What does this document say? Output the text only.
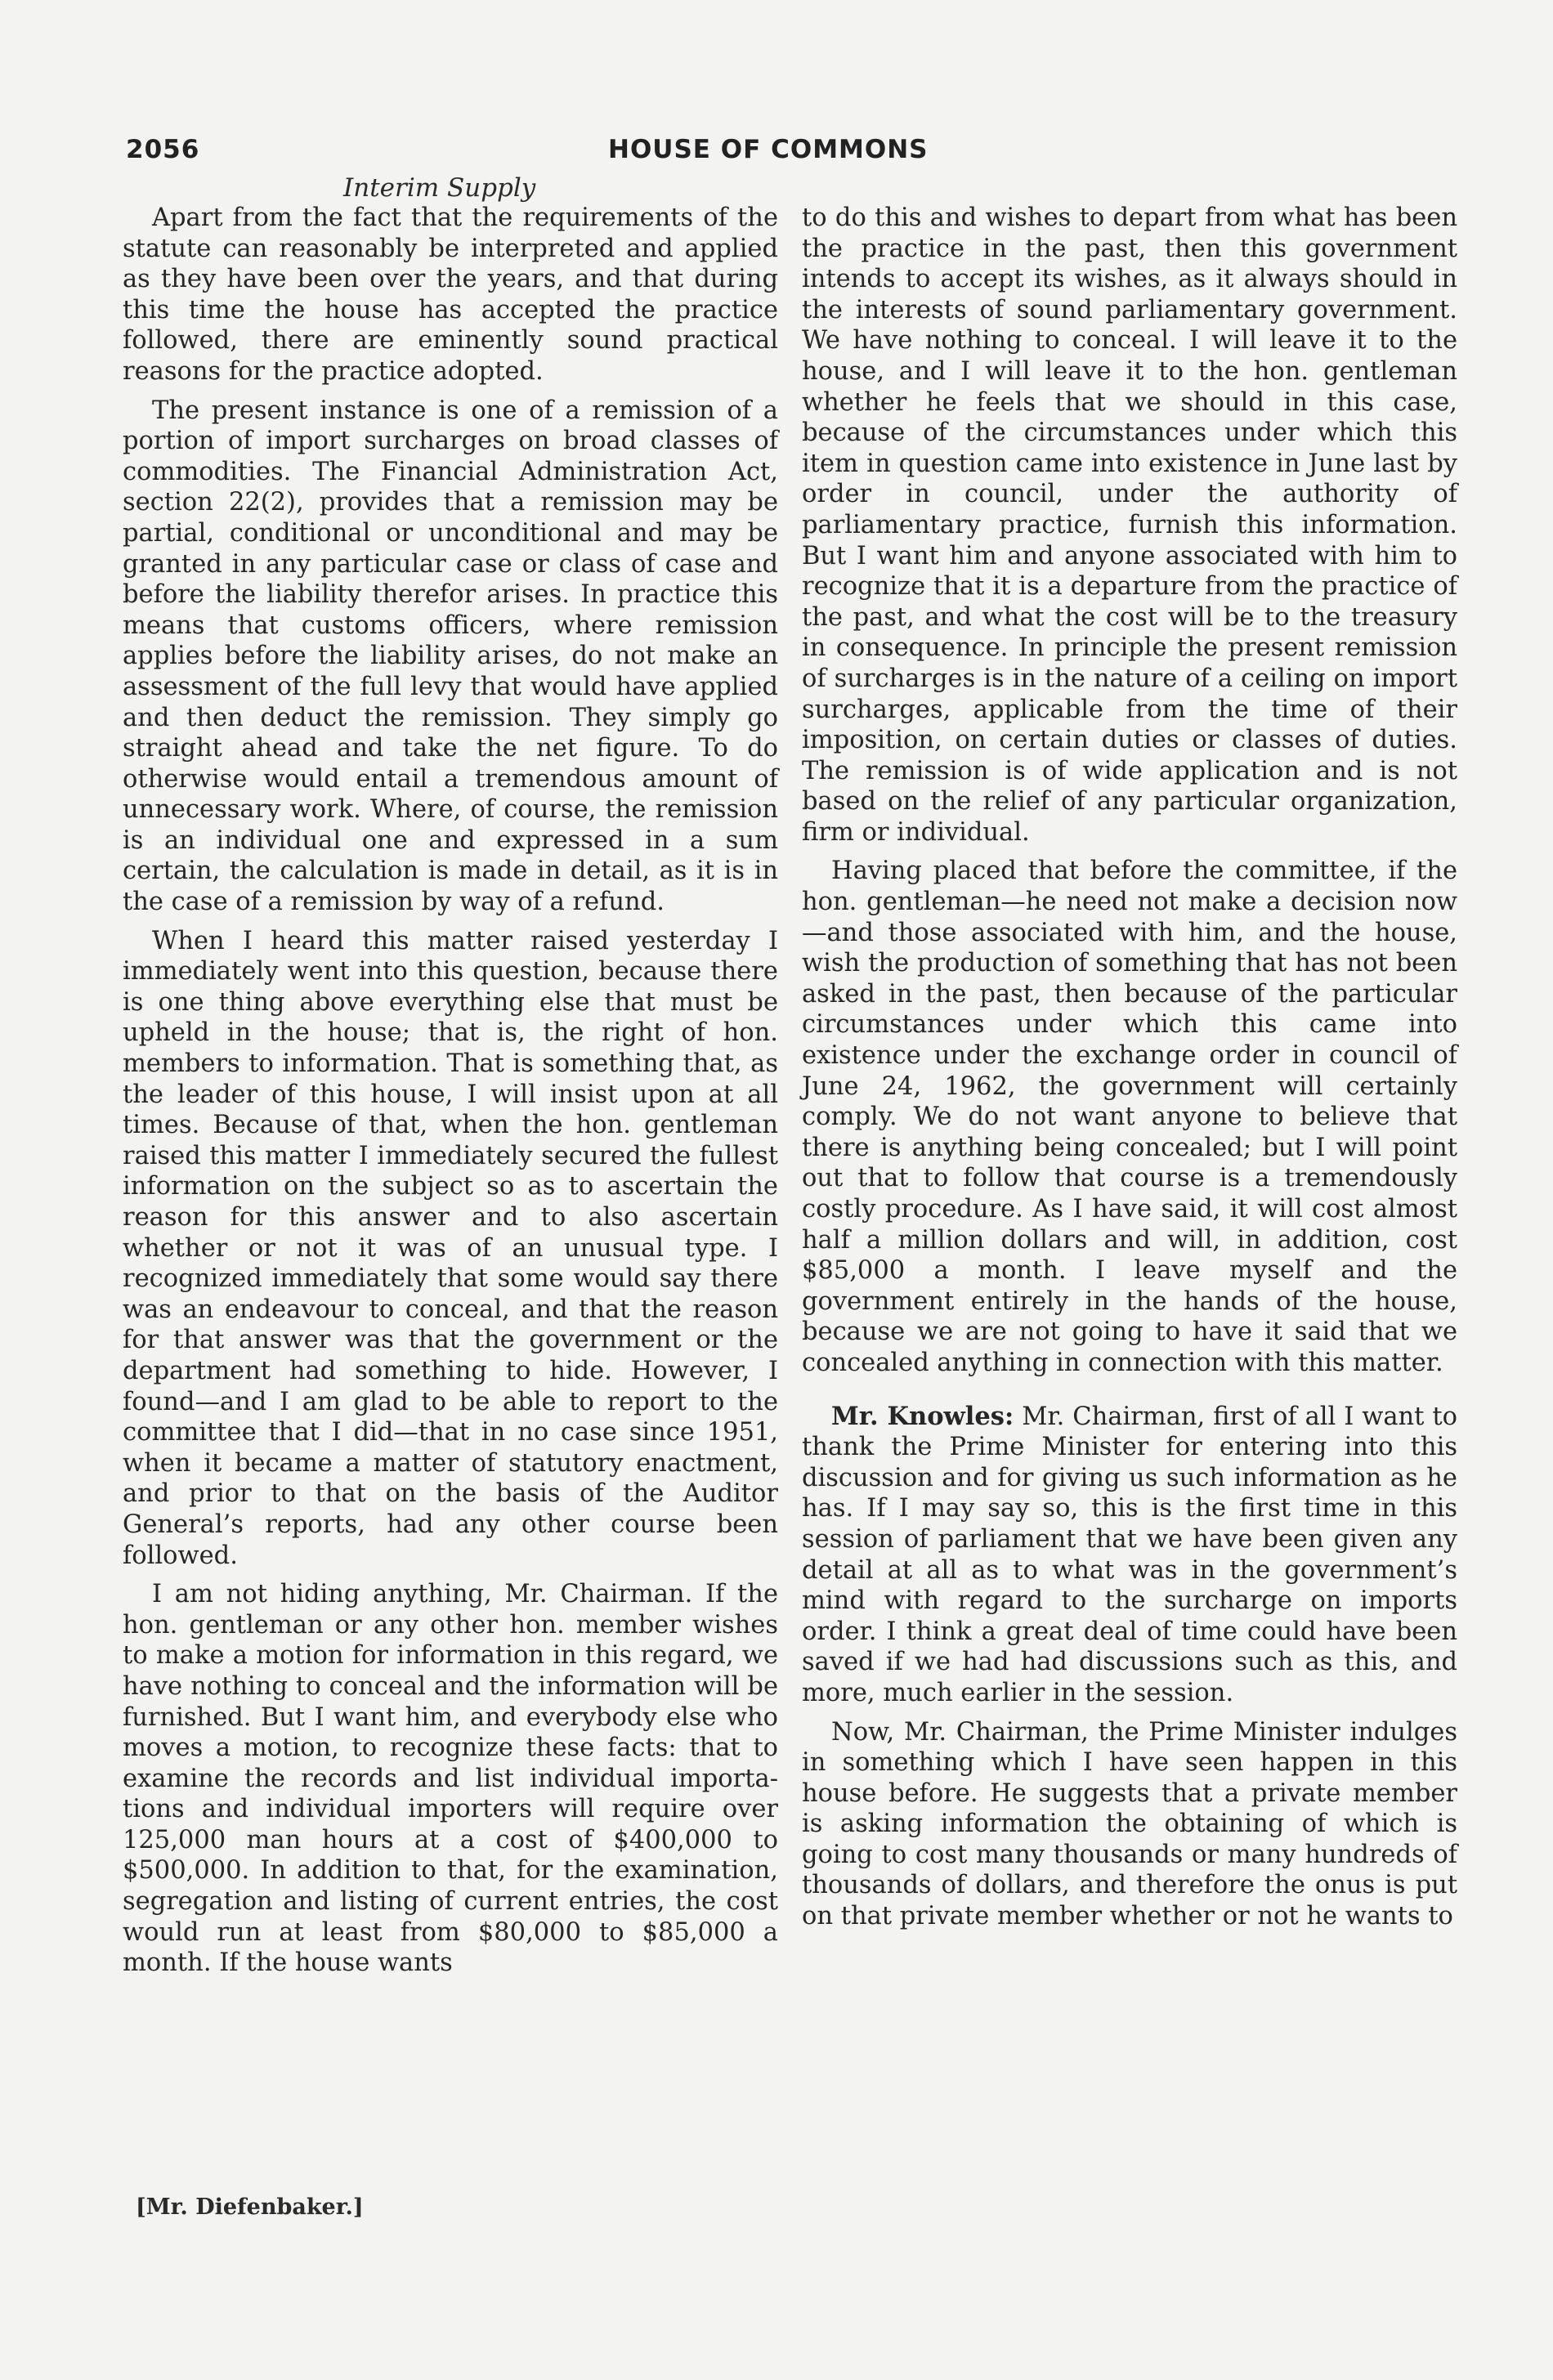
2056	HOUSE OF COMMONS
Interim Supply

Apart from the fact that the requirements of the statute can reasonably be interpreted and applied as they have been over the years, and that during this time the house has accepted the practice followed, there are eminently sound practical reasons for the practice adopted.

The present instance is one of a remission of a portion of import surcharges on broad classes of commodities. The Financial Administration Act, section 22(2), provides that a remission may be partial, conditional or unconditional and may be granted in any particular case or class of case and before the liability therefor arises. In practice this means that customs officers, where remission applies before the liability arises, do not make an assessment of the full levy that would have applied and then deduct the remission. They simply go straight ahead and take the net figure. To do otherwise would entail a tremendous amount of unnecessary work. Where, of course, the remission is an individual one and expressed in a sum certain, the calculation is made in detail, as it is in the case of a remission by way of a refund.

When I heard this matter raised yesterday I immediately went into this question, because there is one thing above everything else that must be upheld in the house; that is, the right of hon. members to information. That is something that, as the leader of this house, I will insist upon at all times. Because of that, when the hon. gentleman raised this matter I immediately secured the fullest information on the subject so as to ascertain the reason for this answer and to also ascertain whether or not it was of an unusual type. I recognized immediately that some would say there was an endeavour to conceal, and that the reason for that answer was that the government or the department had something to hide. However, I found—and I am glad to be able to report to the committee that I did—that in no case since 1951, when it became a matter of statutory enactment, and prior to that on the basis of the Auditor General’s reports, had any other course been followed.

I am not hiding anything, Mr. Chairman. If the hon. gentleman or any other hon. member wishes to make a motion for information in this regard, we have nothing to conceal and the information will be furnished. But I want him, and everybody else who moves a motion, to recognize these facts: that to examine the records and list individual importations and individual importers will require over 125,000 man hours at a cost of $400,000 to $500,000. In addition to that, for the examination, segregation and listing of current entries, the cost would run at least from $80,000 to $85,000 a month. If the house wants

to do this and wishes to depart from what has been the practice in the past, then this government intends to accept its wishes, as it always should in the interests of sound parliamentary government. We have nothing to conceal. I will leave it to the house, and I will leave it to the hon. gentleman whether he feels that we should in this case, because of the circumstances under which this item in question came into existence in June last by order in council, under the authority of parliamentary practice, furnish this information. But I want him and anyone associated with him to recognize that it is a departure from the practice of the past, and what the cost will be to the treasury in consequence. In principle the present remission of surcharges is in the nature of a ceiling on import surcharges, applicable from the time of their imposition, on certain duties or classes of duties. The remission is of wide application and is not based on the relief of any particular organization, firm or individual.

Having placed that before the committee, if the hon. gentleman—he need not make a decision now—and those associated with him, and the house, wish the production of something that has not been asked in the past, then because of the particular circumstances under which this came into existence under the exchange order in council of June 24, 1962, the government will certainly comply. We do not want anyone to believe that there is anything being concealed; but I will point out that to follow that course is a tremendously costly procedure. As I have said, it will cost almost half a million dollars and will, in addition, cost $85,000 a month. I leave myself and the government entirely in the hands of the house, because we are not going to have it said that we concealed anything in connection with this matter.

Mr. Knowles: Mr. Chairman, first of all I want to thank the Prime Minister for entering into this discussion and for giving us such information as he has. If I may say so, this is the first time in this session of parliament that we have been given any detail at all as to what was in the government’s mind with regard to the surcharge on imports order. I think a great deal of time could have been saved if we had had discussions such as this, and more, much earlier in the session.

Now, Mr. Chairman, the Prime Minister indulges in something which I have seen happen in this house before. He suggests that a private member is asking information the obtaining of which is going to cost many thousands or many hundreds of thousands of dollars, and therefore the onus is put on that private member whether or not he wants to

[Mr. Diefenbaker.]
